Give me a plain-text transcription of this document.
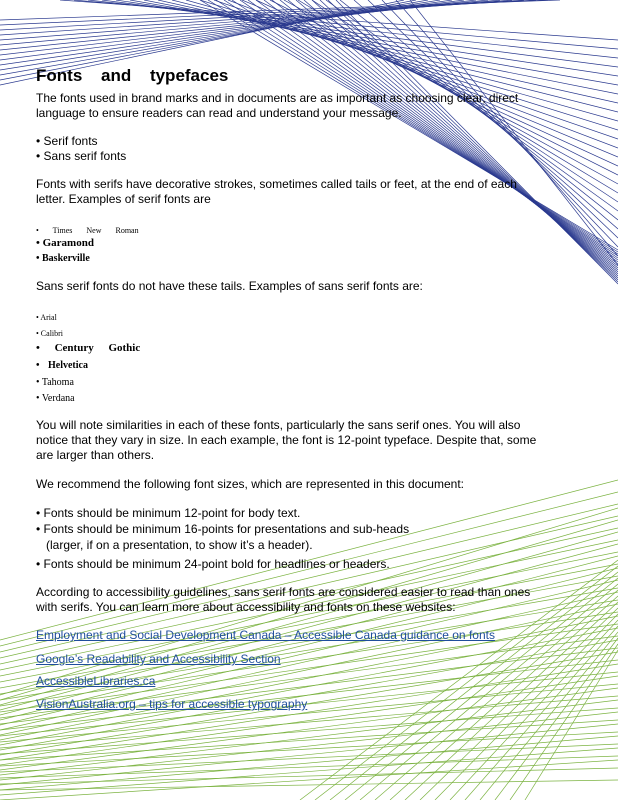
Fonts and typefaces
The fonts used in brand marks and in documents are as important as choosing clear, direct
language to ensure readers can read and understand your message.
• Serif fonts
• Sans serif fonts
Fonts with serifs have decorative strokes, sometimes called tails or feet, at the end of each
letter. Examples of serif fonts are
• Times New Roman
• Garamond
• Baskerville
Sans serif fonts do not have these tails. Examples of sans serif fonts are:
• Arial
• Calibri
• Century Gothic
• Helvetica
• Tahoma
• Verdana
You will note similarities in each of these fonts, particularly the sans serif ones. You will also
notice that they vary in size. In each example, the font is 12-point typeface. Despite that, some
are larger than others.
We recommend the following font sizes, which are represented in this document:
• Fonts should be minimum 12-point for body text.
• Fonts should be minimum 16-points for presentations and sub-heads
(larger, if on a presentation, to show it’s a header).
• Fonts should be minimum 24-point bold for headlines or headers.
According to accessibility guidelines, sans serif fonts are considered easier to read than ones
with serifs. You can learn more about accessibility and fonts on these websites:
Employment and Social Development Canada – Accessible Canada guidance on fonts
Google’s Readability and Accessibility Section
AccessibleLibraries.ca
VisionAustralia.org – tips for accessible typography
